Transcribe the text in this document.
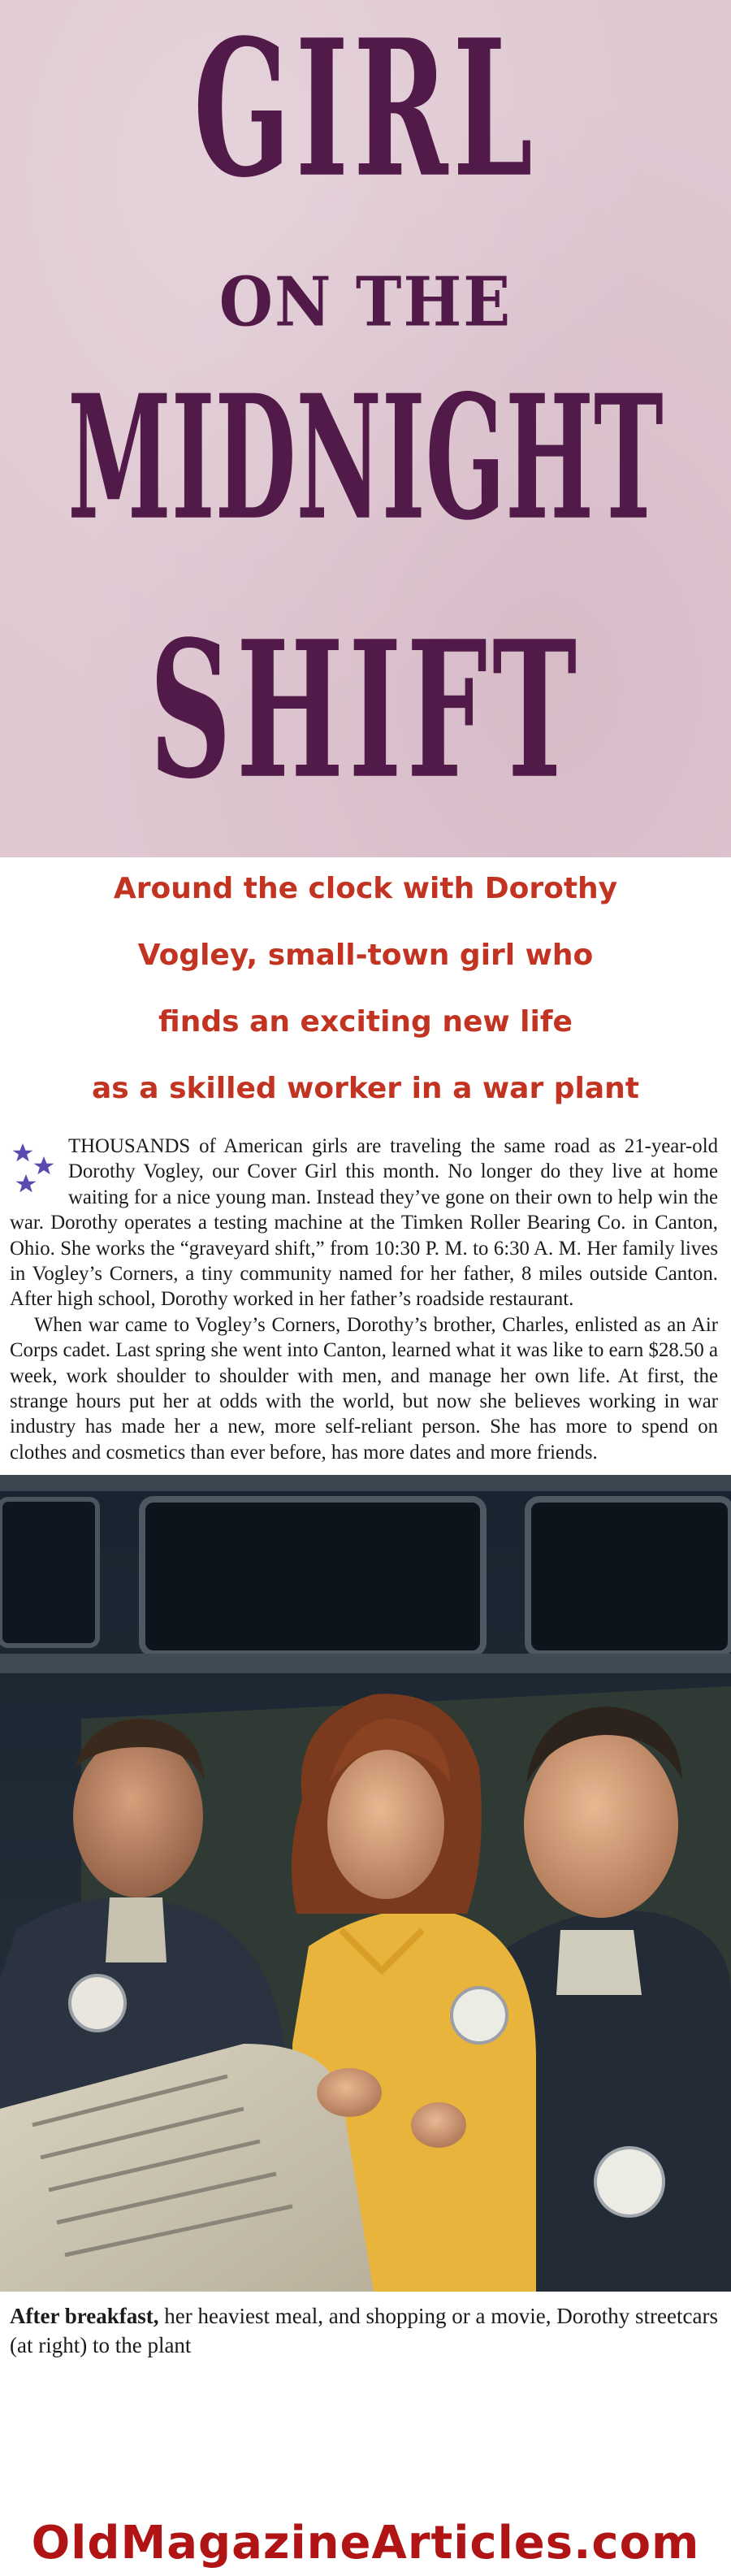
GIRL
ON THE
MIDNIGHT
SHIFT
Around the clock with Dorothy
Vogley, small-town girl who
finds an exciting new life
as a skilled worker in a war plant

THOUSANDS of American girls are traveling the same road as 21-year-old Dorothy Vogley, our Cover Girl this month. No longer do they live at home waiting for a nice young man. Instead they’ve gone on their own to help win the war. Dorothy operates a testing machine at the Timken Roller Bearing Co. in Canton, Ohio. She works the “graveyard shift,” from 10:30 P. M. to 6:30 A. M. Her family lives in Vogley’s Corners, a tiny community named for her father, 8 miles outside Canton. After high school, Dorothy worked in her father’s roadside restaurant.

When war came to Vogley’s Corners, Dorothy’s brother, Charles, enlisted as an Air Corps cadet. Last spring she went into Canton, learned what it was like to earn $28.50 a week, work shoulder to shoulder with men, and manage her own life. At first, the strange hours put her at odds with the world, but now she believes working in war industry has made her a new, more self-reliant person. She has more to spend on clothes and cosmetics than ever before, has more dates and more friends.

After breakfast, her heaviest meal, and shopping or a movie, Dorothy streetcars (at right) to the plant

OldMagazineArticles.com
